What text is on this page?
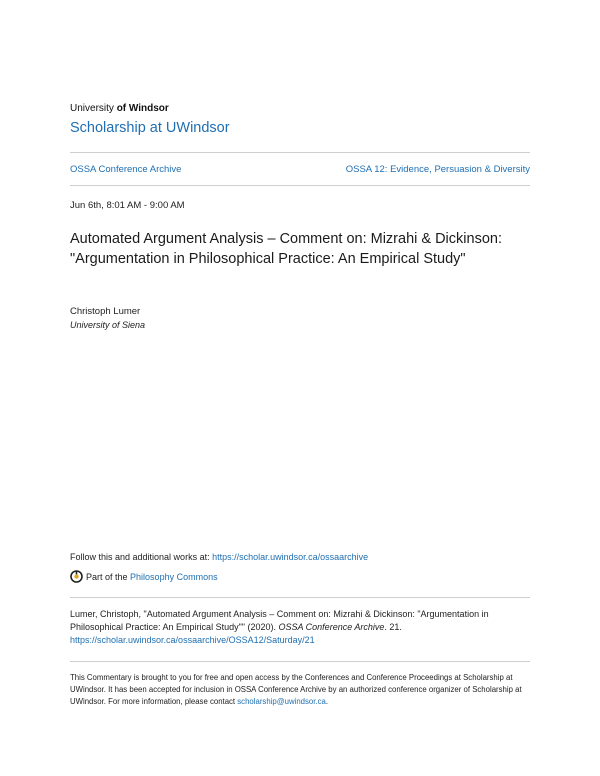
University of Windsor
Scholarship at UWindsor
OSSA Conference Archive	OSSA 12: Evidence, Persuasion & Diversity
Jun 6th, 8:01 AM - 9:00 AM
Automated Argument Analysis – Comment on: Mizrahi & Dickinson: "Argumentation in Philosophical Practice: An Empirical Study"
Christoph Lumer
University of Siena
Follow this and additional works at: https://scholar.uwindsor.ca/ossaarchive
Part of the
Philosophy Commons
Lumer, Christoph, "Automated Argument Analysis – Comment on: Mizrahi & Dickinson: "Argumentation in Philosophical Practice: An Empirical Study"" (2020). OSSA Conference Archive. 21.
https://scholar.uwindsor.ca/ossaarchive/OSSA12/Saturday/21
This Commentary is brought to you for free and open access by the Conferences and Conference Proceedings at Scholarship at UWindsor. It has been accepted for inclusion in OSSA Conference Archive by an authorized conference organizer of Scholarship at UWindsor. For more information, please contact scholarship@uwindsor.ca.
